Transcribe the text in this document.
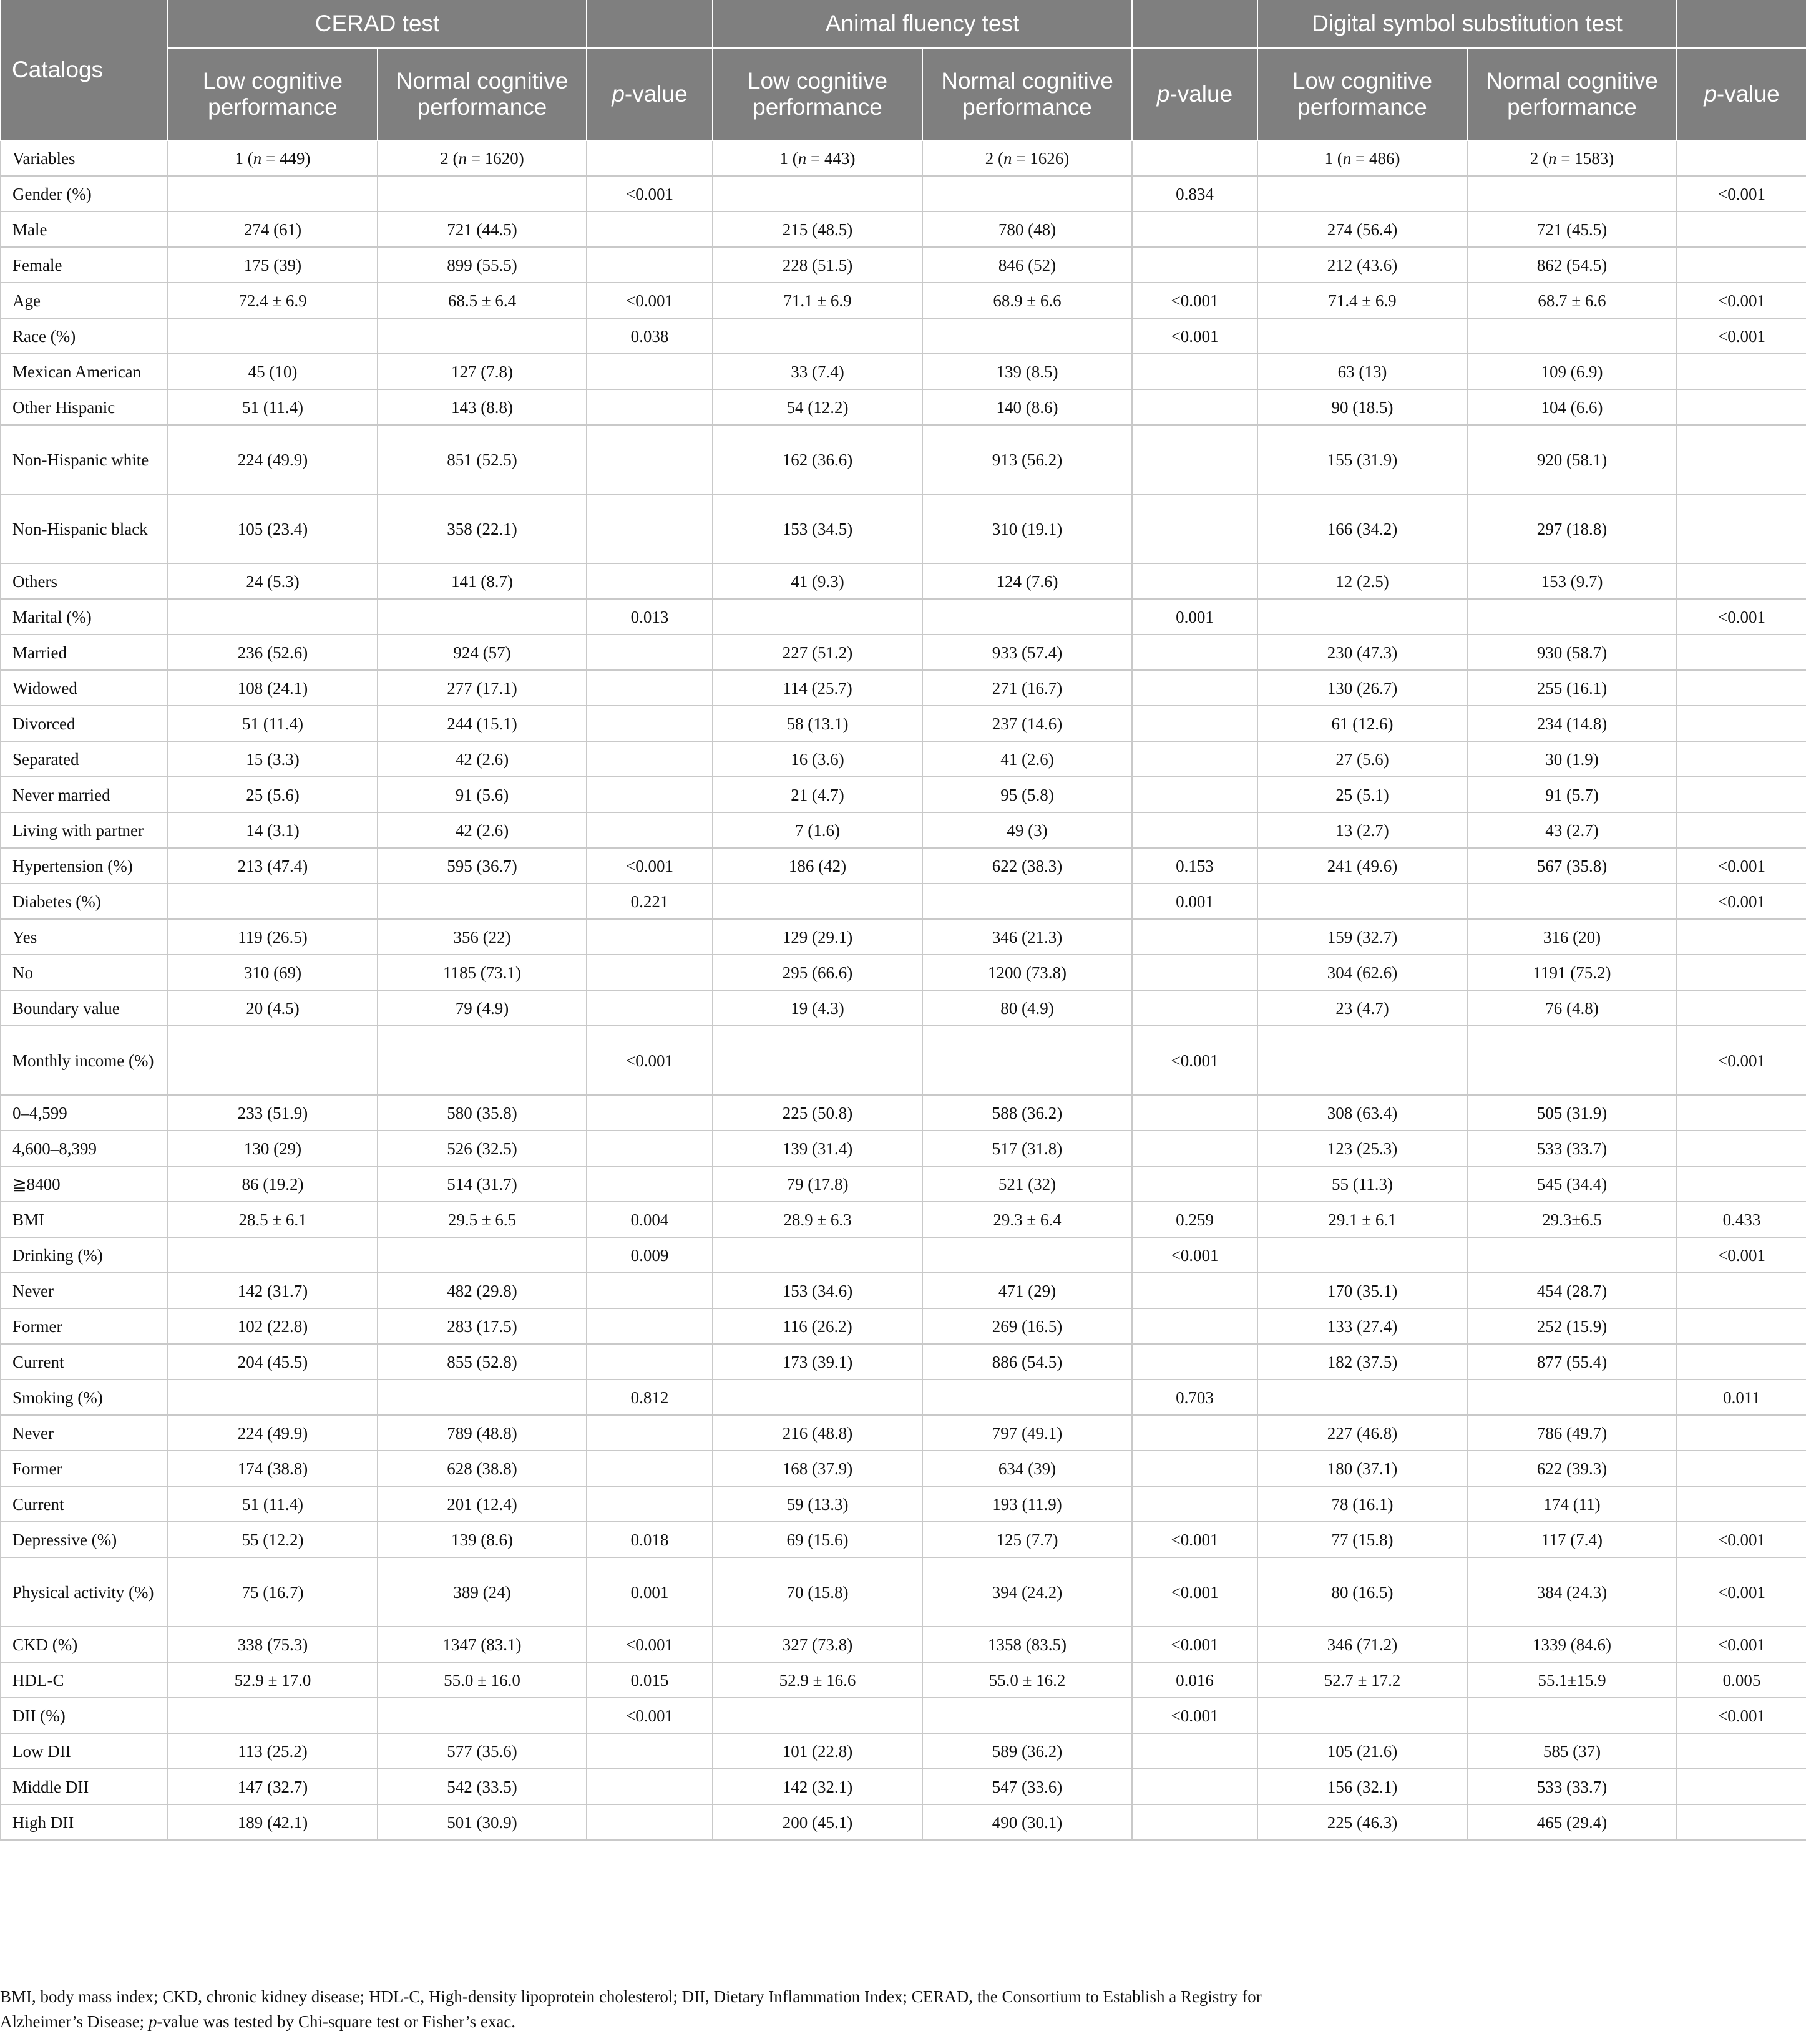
Catalogs	CERAD test			Animal fluency test			Digital symbol substitution test		
	Low cognitive performance	Normal cognitive performance	p-value	Low cognitive performance	Normal cognitive performance	p-value	Low cognitive performance	Normal cognitive performance	p-value
Variables	1 (n = 449)	2 (n = 1620)		1 (n = 443)	2 (n = 1626)		1 (n = 486)	2 (n = 1583)	
Gender (%)			<0.001			0.834			<0.001
Male	274 (61)	721 (44.5)		215 (48.5)	780 (48)		274 (56.4)	721 (45.5)	
Female	175 (39)	899 (55.5)		228 (51.5)	846 (52)		212 (43.6)	862 (54.5)	
Age	72.4 ± 6.9	68.5 ± 6.4	<0.001	71.1 ± 6.9	68.9 ± 6.6	<0.001	71.4 ± 6.9	68.7 ± 6.6	<0.001
Race (%)			0.038			<0.001			<0.001
Mexican American	45 (10)	127 (7.8)		33 (7.4)	139 (8.5)		63 (13)	109 (6.9)	
Other Hispanic	51 (11.4)	143 (8.8)		54 (12.2)	140 (8.6)		90 (18.5)	104 (6.6)	
Non-Hispanic white	224 (49.9)	851 (52.5)		162 (36.6)	913 (56.2)		155 (31.9)	920 (58.1)	
Non-Hispanic black	105 (23.4)	358 (22.1)		153 (34.5)	310 (19.1)		166 (34.2)	297 (18.8)	
Others	24 (5.3)	141 (8.7)		41 (9.3)	124 (7.6)		12 (2.5)	153 (9.7)	
Marital (%)			0.013			0.001			<0.001
Married	236 (52.6)	924 (57)		227 (51.2)	933 (57.4)		230 (47.3)	930 (58.7)	
Widowed	108 (24.1)	277 (17.1)		114 (25.7)	271 (16.7)		130 (26.7)	255 (16.1)	
Divorced	51 (11.4)	244 (15.1)		58 (13.1)	237 (14.6)		61 (12.6)	234 (14.8)	
Separated	15 (3.3)	42 (2.6)		16 (3.6)	41 (2.6)		27 (5.6)	30 (1.9)	
Never married	25 (5.6)	91 (5.6)		21 (4.7)	95 (5.8)		25 (5.1)	91 (5.7)	
Living with partner	14 (3.1)	42 (2.6)		7 (1.6)	49 (3)		13 (2.7)	43 (2.7)	
Hypertension (%)	213 (47.4)	595 (36.7)	<0.001	186 (42)	622 (38.3)	0.153	241 (49.6)	567 (35.8)	<0.001
Diabetes (%)			0.221			0.001			<0.001
Yes	119 (26.5)	356 (22)		129 (29.1)	346 (21.3)		159 (32.7)	316 (20)	
No	310 (69)	1185 (73.1)		295 (66.6)	1200 (73.8)		304 (62.6)	1191 (75.2)	
Boundary value	20 (4.5)	79 (4.9)		19 (4.3)	80 (4.9)		23 (4.7)	76 (4.8)	
Monthly income (%)			<0.001			<0.001			<0.001
0–4,599	233 (51.9)	580 (35.8)		225 (50.8)	588 (36.2)		308 (63.4)	505 (31.9)	
4,600–8,399	130 (29)	526 (32.5)		139 (31.4)	517 (31.8)		123 (25.3)	533 (33.7)	
≧8400	86 (19.2)	514 (31.7)		79 (17.8)	521 (32)		55 (11.3)	545 (34.4)	
BMI	28.5 ± 6.1	29.5 ± 6.5	0.004	28.9 ± 6.3	29.3 ± 6.4	0.259	29.1 ± 6.1	29.3±6.5	0.433
Drinking (%)			0.009			<0.001			<0.001
Never	142 (31.7)	482 (29.8)		153 (34.6)	471 (29)		170 (35.1)	454 (28.7)	
Former	102 (22.8)	283 (17.5)		116 (26.2)	269 (16.5)		133 (27.4)	252 (15.9)	
Current	204 (45.5)	855 (52.8)		173 (39.1)	886 (54.5)		182 (37.5)	877 (55.4)	
Smoking (%)			0.812			0.703			0.011
Never	224 (49.9)	789 (48.8)		216 (48.8)	797 (49.1)		227 (46.8)	786 (49.7)	
Former	174 (38.8)	628 (38.8)		168 (37.9)	634 (39)		180 (37.1)	622 (39.3)	
Current	51 (11.4)	201 (12.4)		59 (13.3)	193 (11.9)		78 (16.1)	174 (11)	
Depressive (%)	55 (12.2)	139 (8.6)	0.018	69 (15.6)	125 (7.7)	<0.001	77 (15.8)	117 (7.4)	<0.001
Physical activity (%)	75 (16.7)	389 (24)	0.001	70 (15.8)	394 (24.2)	<0.001	80 (16.5)	384 (24.3)	<0.001
CKD (%)	338 (75.3)	1347 (83.1)	<0.001	327 (73.8)	1358 (83.5)	<0.001	346 (71.2)	1339 (84.6)	<0.001
HDL-C	52.9 ± 17.0	55.0 ± 16.0	0.015	52.9 ± 16.6	55.0 ± 16.2	0.016	52.7 ± 17.2	55.1±15.9	0.005
DII (%)			<0.001			<0.001			<0.001
Low DII	113 (25.2)	577 (35.6)		101 (22.8)	589 (36.2)		105 (21.6)	585 (37)	
Middle DII	147 (32.7)	542 (33.5)		142 (32.1)	547 (33.6)		156 (32.1)	533 (33.7)	
High DII	189 (42.1)	501 (30.9)		200 (45.1)	490 (30.1)		225 (46.3)	465 (29.4)	
BMI, body mass index; CKD, chronic kidney disease; HDL-C, High-density lipoprotein cholesterol; DII, Dietary Inflammation Index; CERAD, the Consortium to Establish a Registry for Alzheimer’s Disease; p-value was tested by Chi-square test or Fisher’s exac.
